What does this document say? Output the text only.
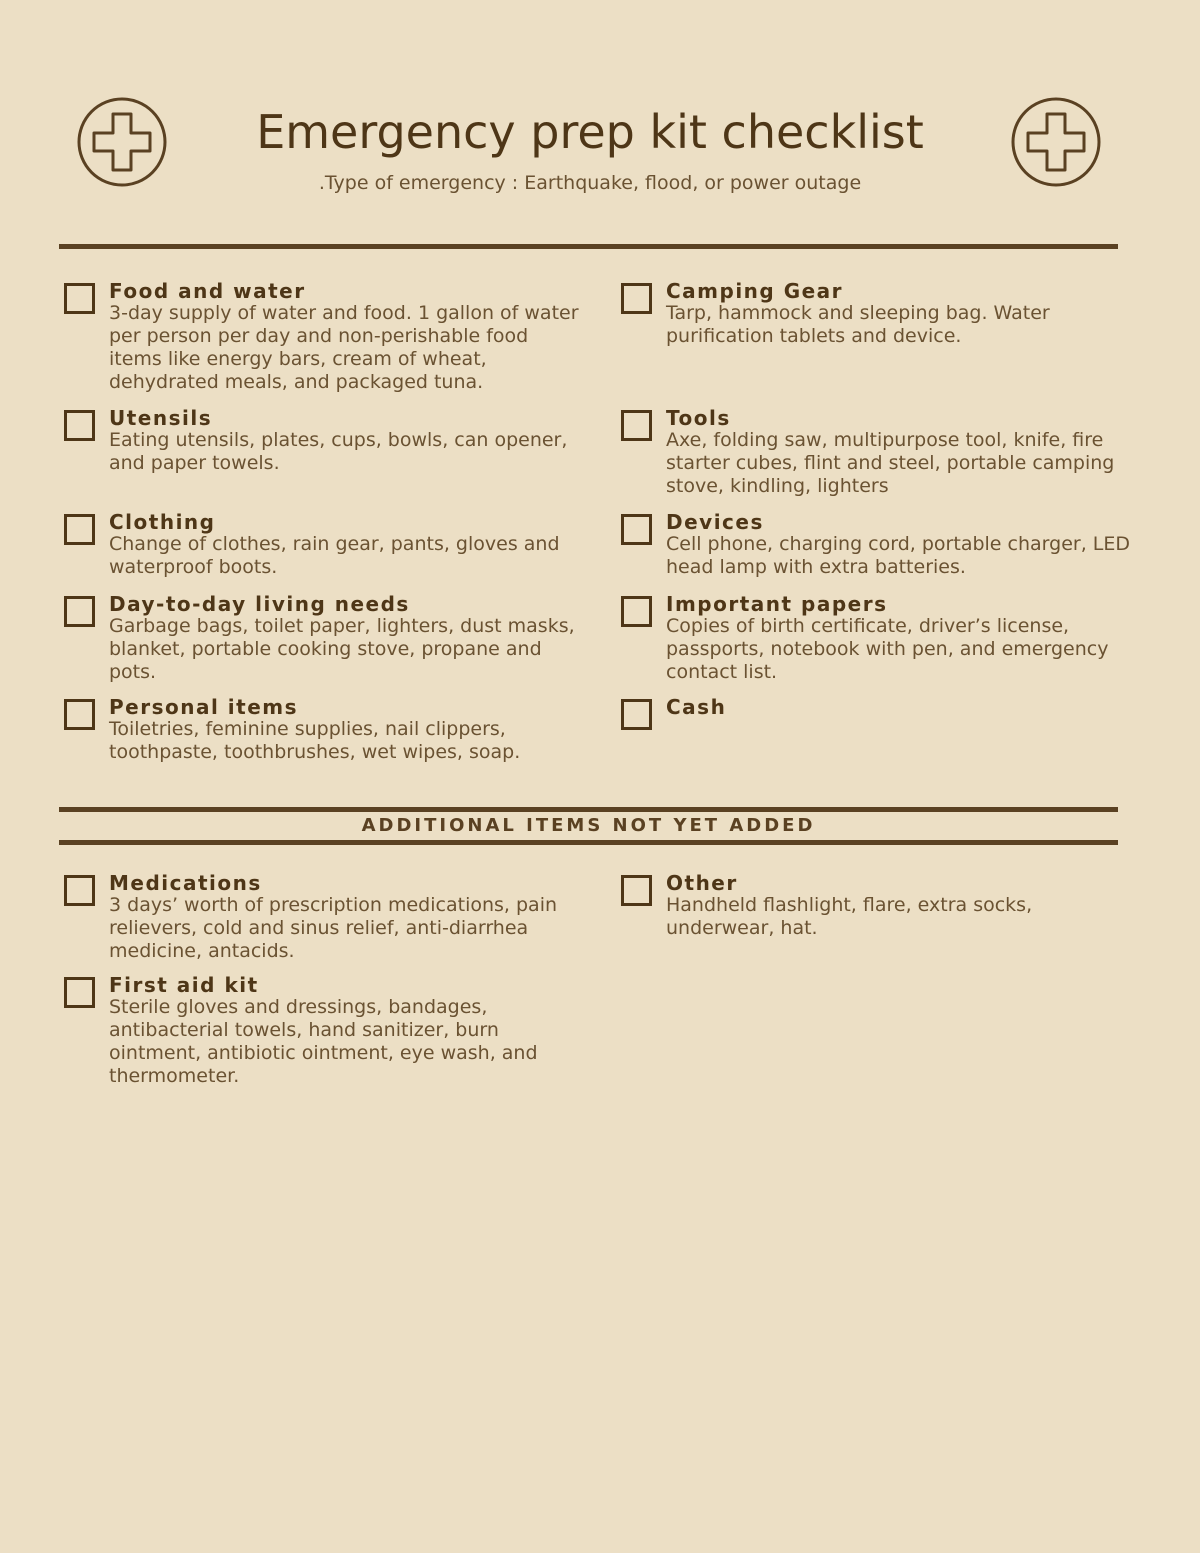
Emergency prep kit checklist

.Type of emergency : Earthquake, flood, or power outage

Food and water
3-day supply of water and food. 1 gallon of water per person per day and non-perishable food items like energy bars, cream of wheat, dehydrated meals, and packaged tuna.
Utensils
Eating utensils, plates, cups, bowls, can opener, and paper towels.
Clothing
Change of clothes, rain gear, pants, gloves and waterproof boots.
Day-to-day living needs
Garbage bags, toilet paper, lighters, dust masks, blanket, portable cooking stove, propane and pots.
Personal items
Toiletries, feminine supplies, nail clippers, toothpaste, toothbrushes, wet wipes, soap.
Camping Gear
Tarp, hammock and sleeping bag. Water purification tablets and device.
Tools
Axe, folding saw, multipurpose tool, knife, fire starter cubes, flint and steel, portable camping stove, kindling, lighters
Devices
Cell phone, charging cord, portable charger, LED head lamp with extra batteries.
Important papers
Copies of birth certificate, driver’s license, passports, notebook with pen, and emergency contact list.
Cash
ADDITIONAL ITEMS NOT YET ADDED
Medications
3 days’ worth of prescription medications, pain relievers, cold and sinus relief, anti-diarrhea medicine, antacids.
First aid kit
Sterile gloves and dressings, bandages, antibacterial towels, hand sanitizer, burn ointment, antibiotic ointment, eye wash, and thermometer.
Other
Handheld flashlight, flare, extra socks, underwear, hat.
